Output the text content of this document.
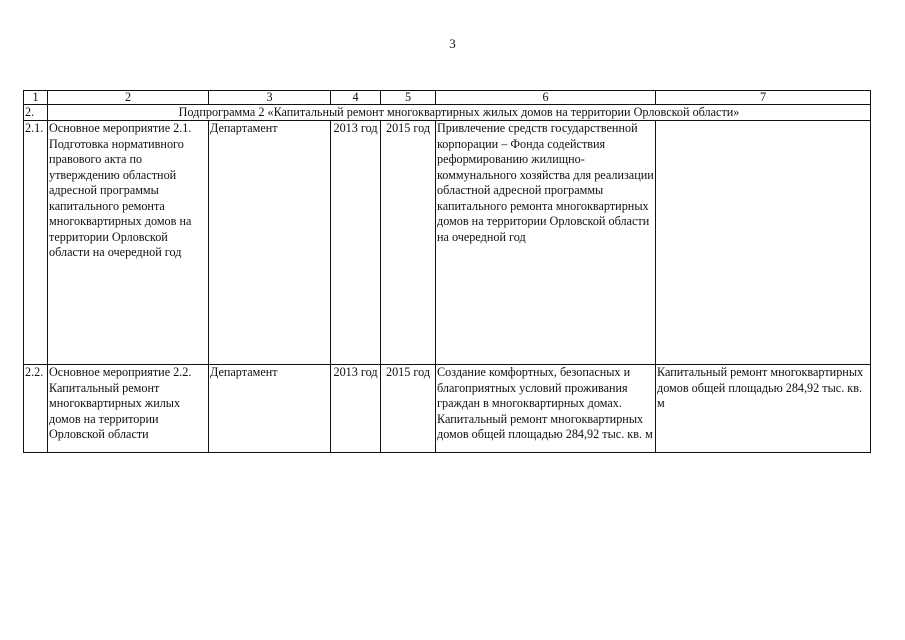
3
1	2	3	4	5	6	7
2.	Подпрограмма 2 «Капитальный ремонт многоквартирных жилых домов на территории Орловской области»					
2.1.	Основное мероприятие 2.1. Подготовка нормативного правового акта по утверждению областной адресной программы капитального ремонта многоквартирных домов на территории Орловской области на очередной год	Департамент	2013 год	2015 год	Привлечение средств государственной корпорации – Фонда содействия реформированию жилищно-коммунального хозяйства для реализации областной адресной программы капитального ремонта многоквартирных домов на территории Орловской области на очередной год	
2.2.	Основное мероприятие 2.2. Капитальный ремонт многоквартирных жилых домов на территории Орловской области	Департамент	2013 год	2015 год	Создание комфортных, безопасных и благоприятных условий проживания граждан в многоквартирных домах. Капитальный ремонт многоквартирных домов общей площадью 284,92 тыс. кв. м	Капитальный ремонт многоквартирных домов общей площадью 284,92 тыс. кв. м
